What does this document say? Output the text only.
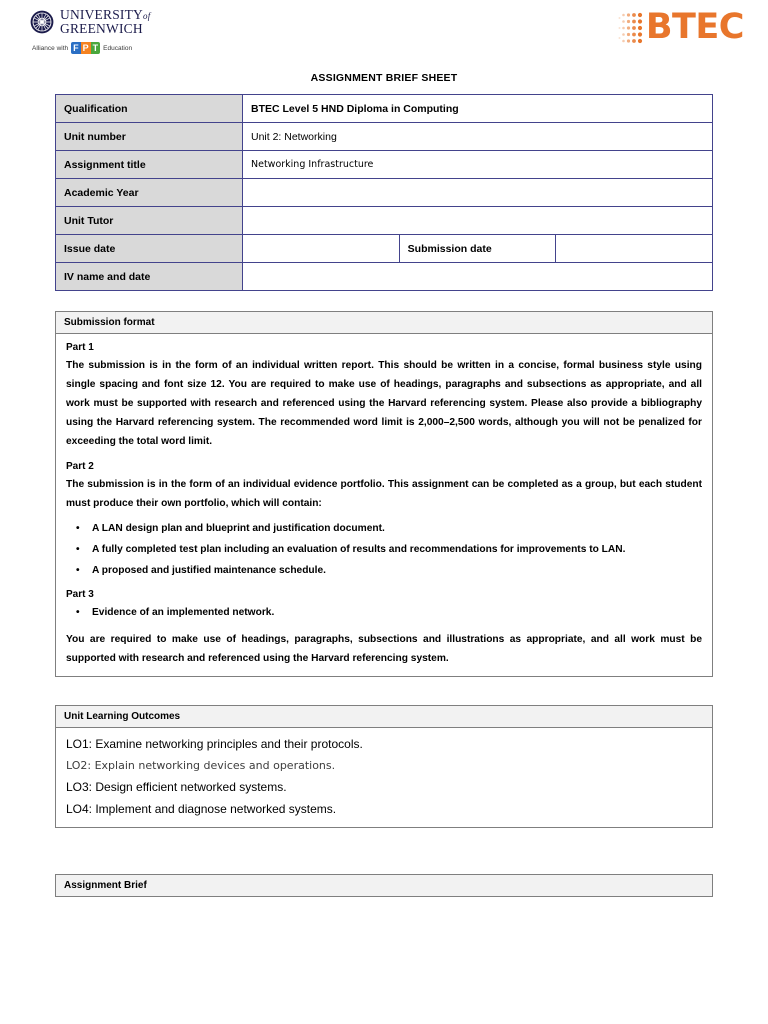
UNIVERSITYof
GREENWICH
Alliance with F P T Education
BTEC
ASSIGNMENT BRIEF SHEET
Qualification	BTEC Level 5 HND Diploma in Computing		
Unit number	Unit 2: Networking		
Assignment title	Networking Infrastructure		
Academic Year			
Unit Tutor			
Issue date		Submission date	
IV name and date			
Submission format
Part 1

The submission is in the form of an individual written report. This should be written in a concise, formal business style using single spacing and font size 12. You are required to make use of headings, paragraphs and subsections as appropriate, and all work must be supported with research and referenced using the Harvard referencing system. Please also provide a bibliography using the Harvard referencing system. The recommended word limit is 2,000–2,500 words, although you will not be penalized for exceeding the total word limit.

Part 2

The submission is in the form of an individual evidence portfolio. This assignment can be completed as a group, but each student must produce their own portfolio, which will contain:

• A LAN design plan and blueprint and justification document.
• A fully completed test plan including an evaluation of results and recommendations for improvements to LAN.
• A proposed and justified maintenance schedule.
Part 3
• Evidence of an implemented network.

You are required to make use of headings, paragraphs, subsections and illustrations as appropriate, and all work must be supported with research and referenced using the Harvard referencing system.

Unit Learning Outcomes
LO1: Examine networking principles and their protocols.
LO2: Explain networking devices and operations.
LO3: Design efficient networked systems.
LO4: Implement and diagnose networked systems.
Assignment Brief
